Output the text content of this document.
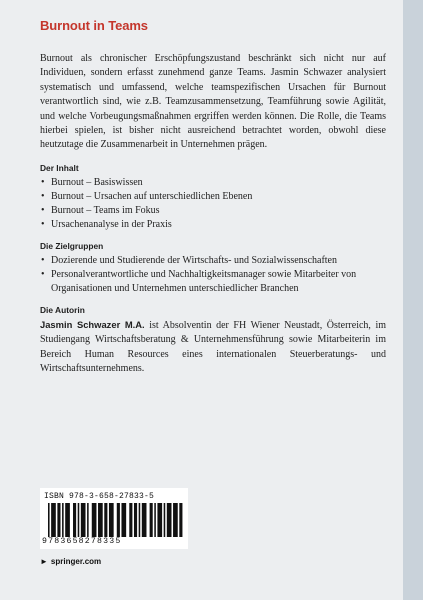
Burnout in Teams

Burnout als chronischer Erschöpfungszustand beschränkt sich nicht nur auf Individuen, sondern erfasst zunehmend ganze Teams. Jasmin Schwazer analysiert systematisch und umfassend, welche teamspezifischen Ursachen für Burnout verantwortlich sind, wie z.B. Teamzusammensetzung, Teamführung sowie Agilität, und welche Vorbeugungsmaßnahmen ergriffen werden können. Die Rolle, die Teams hierbei spielen, ist bisher nicht ausreichend betrachtet worden, obwohl diese heutzutage die Zusammenarbeit in Unternehmen prägen.

Der Inhalt
• Burnout – Basiswissen
• Burnout – Ursachen auf unterschiedlichen Ebenen
• Burnout – Teams im Fokus
• Ursachenanalyse in der Praxis
Die Zielgruppen
• Dozierende und Studierende der Wirtschafts- und Sozialwissenschaften
• Personalverantwortliche und Nachhaltigkeitsmanager sowie Mitarbeiter von Organisationen und Unternehmen unterschiedlicher Branchen
Die Autorin

Jasmin Schwazer M.A. ist Absolventin der FH Wiener Neustadt, Österreich, im Studiengang Wirtschaftsberatung & Unternehmensführung sowie Mitarbeiterin im Bereich Human Resources eines internationalen Steuerberatungs- und Wirtschaftsunternehmens.

ISBN 978-3-658-27833-5
9783658278335
► springer.com
